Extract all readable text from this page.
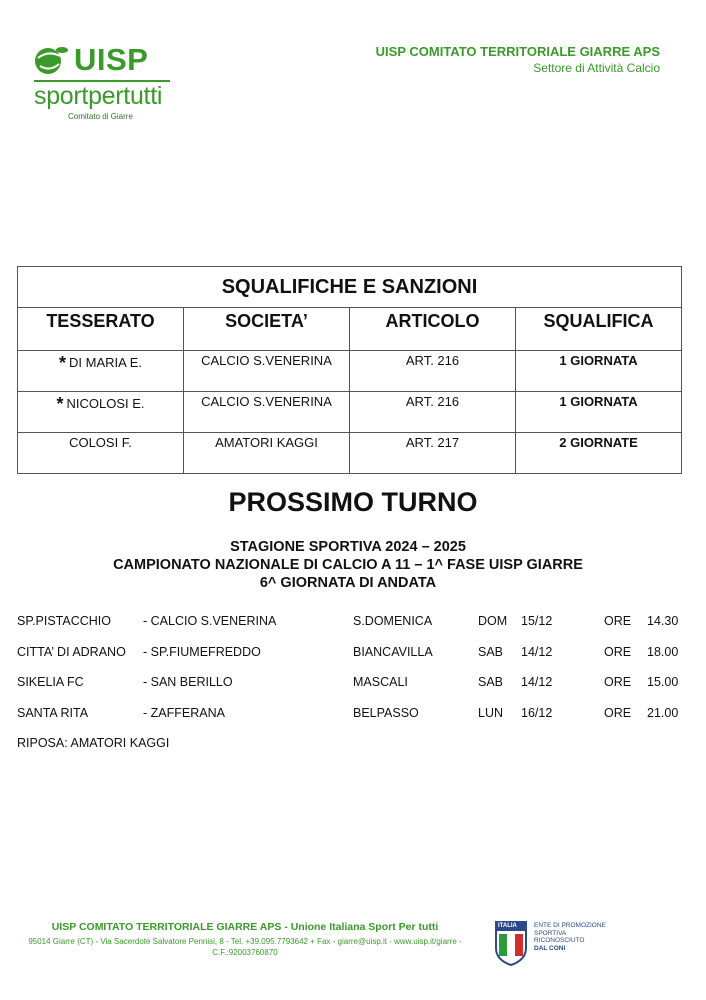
UISP
sportpertutti
Comitato di Giarre
UISP COMITATO TERRITORIALE GIARRE APS
Settore di Attività Calcio
SQUALIFICHE E SANZIONI			
TESSERATO	SOCIETA’	ARTICOLO	SQUALIFICA
* DI MARIA E.	CALCIO S.VENERINA	ART. 216	1 GIORNATA
* NICOLOSI E.	CALCIO S.VENERINA	ART. 216	1 GIORNATA
COLOSI F.	AMATORI KAGGI	ART. 217	2 GIORNATE
PROSSIMO TURNO
STAGIONE SPORTIVA 2024 – 2025
CAMPIONATO NAZIONALE DI CALCIO A 11 – 1^ FASE UISP GIARRE
6^ GIORNATA DI ANDATA
SP.PISTACCHIO	- CALCIO S.VENERINA	S.DOMENICA	DOM 15/12	ORE 14.30
CITTA’ DI ADRANO - SP.FIUMEFREDDO	BIANCAVILLA	SAB 14/12	ORE 18.00
SIKELIA FC	- SAN BERILLO	MASCALI	SAB 14/12	ORE 15.00
SANTA RITA	- ZAFFERANA	BELPASSO	LUN 16/12	ORE 21.00
RIPOSA: AMATORI KAGGI
UISP COMITATO TERRITORIALE GIARRE APS - Unione Italiana Sport Per tutti
95014 Giarre (CT) - Via Sacerdote Salvatore Pennisi, 8 - Tel. +39.095.7793642 + Fax - giarre@uisp.it - www.uisp.it/giarre -
C.F.:92003760870
ITALIA	ENTE DI PROMOZIONE
SPORTIVA
RICONOSCIUTO
DAL CONI
